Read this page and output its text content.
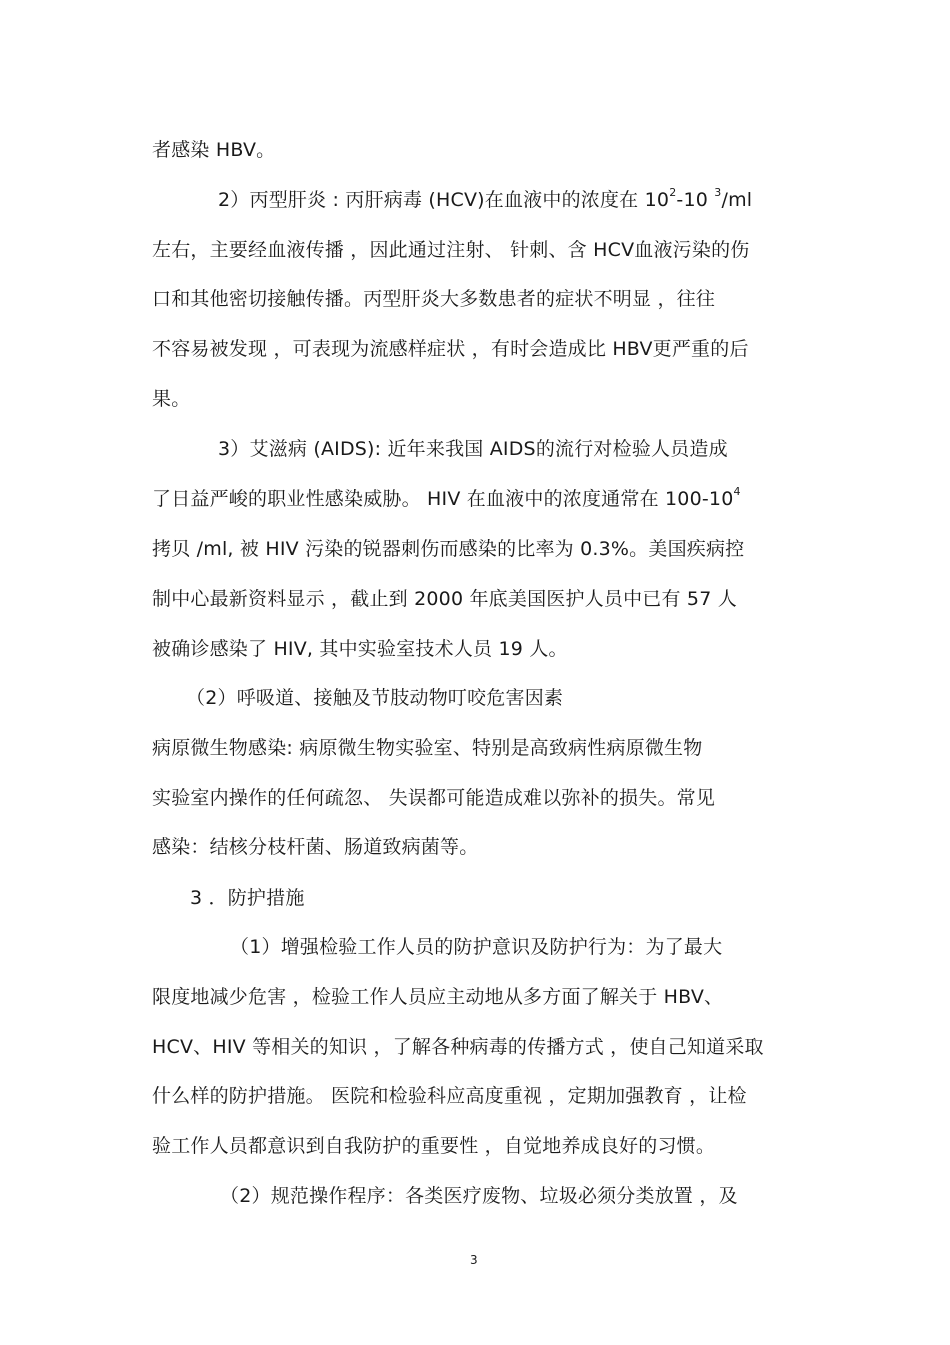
者感染 HBV。
2）丙型肝炎 : 丙肝病毒 (HCV)在血液中的浓度在 $10^2-10$ $^3$/ml
左右，主要经血液传播 ，因此通过注射、 针刺、含 HCV血液污染的伤
口和其他密切接触传播。丙型肝炎大多数患者的症状不明显 ，往往
不容易被发现 ，可表现为流感样症状 ，有时会造成比 HBV更严重的后
果。
3）艾滋病 (AIDS): 近年来我国 AIDS的流行对检验人员造成
了日益严峻的职业性感染威胁。 HIV 在血液中的浓度通常在 $100-10^4$
拷贝 /ml, 被 HIV 污染的锐器刺伤而感染的比率为 0.3%。美国疾病控
制中心最新资料显示 ，截止到 2000 年底美国医护人员中已有 57 人
被确诊感染了 HIV, 其中实验室技术人员 19 人。
（2）呼吸道、接触及节肢动物叮咬危害因素
病原微生物感染: 病原微生物实验室、特别是高致病性病原微生物
实验室内操作的任何疏忽、 失误都可能造成难以弥补的损失。常见
感染：结核分枝杆菌、肠道致病菌等。
3 ．防护措施
（1）增强检验工作人员的防护意识及防护行为：为了最大
限度地减少危害 ，检验工作人员应主动地从多方面了解关于 HBV、
HCV、HIV 等相关的知识 ，了解各种病毒的传播方式 ，使自己知道采取
什么样的防护措施。 医院和检验科应高度重视 ，定期加强教育 ，让检
验工作人员都意识到自我防护的重要性 ，自觉地养成良好的习惯。
（2）规范操作程序：各类医疗废物、垃圾必须分类放置 ，及
3
